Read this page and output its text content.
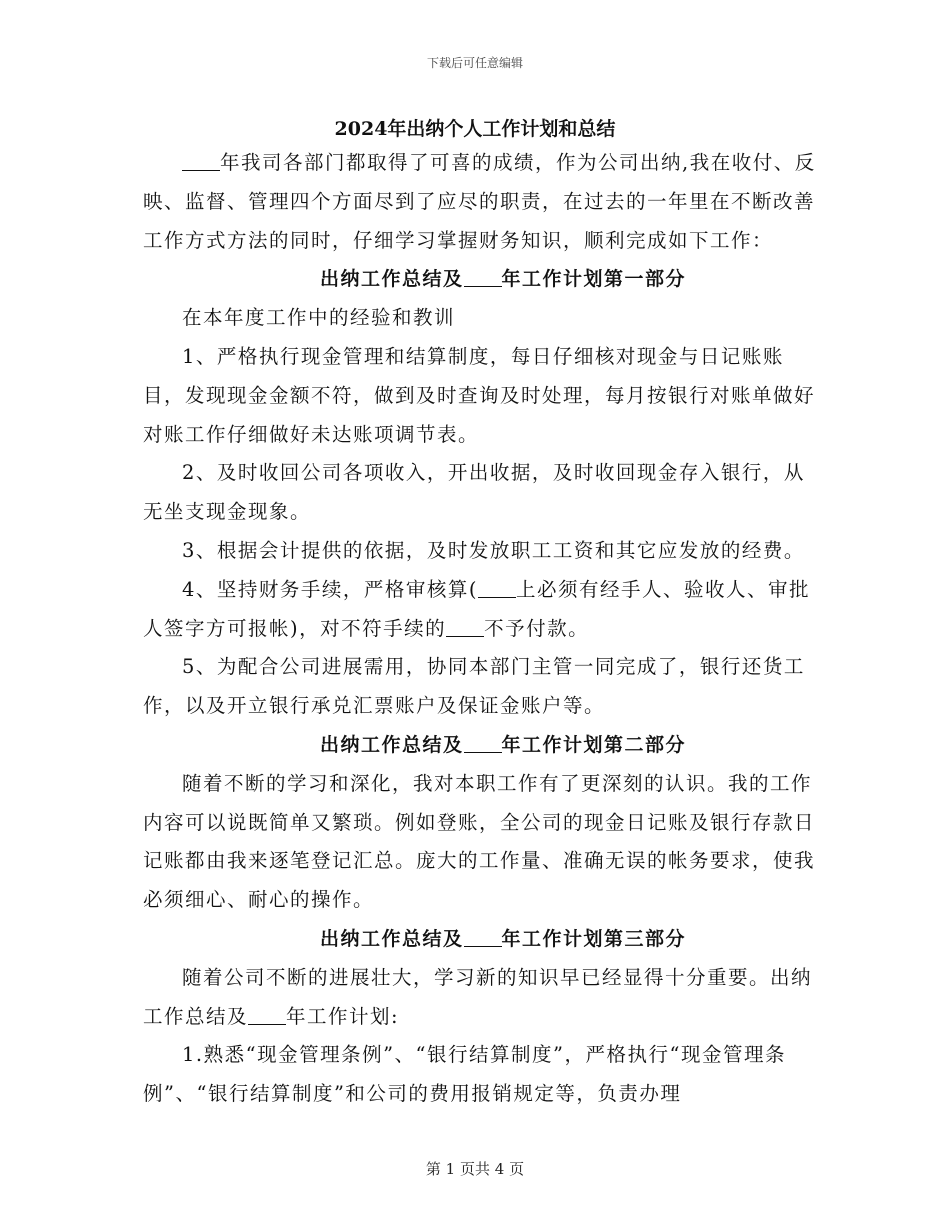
下载后可任意编辑
2024年出纳个人工作计划和总结

年我司各部门都取得了可喜的成绩，作为公司出纳,我在收付、反映、监督、管理四个方面尽到了应尽的职责，在过去的一年里在不断改善工作方式方法的同时，仔细学习掌握财务知识，顺利完成如下工作：

出纳工作总结及 年工作计划第一部分

在本年度工作中的经验和教训

1、严格执行现金管理和结算制度，每日仔细核对现金与日记账账目，发现现金金额不符，做到及时查询及时处理，每月按银行对账单做好对账工作仔细做好未达账项调节表。

2、及时收回公司各项收入，开出收据，及时收回现金存入银行，从无坐支现金现象。

3、根据会计提供的依据，及时发放职工工资和其它应发放的经费。

4、坚持财务手续，严格审核算( 上必须有经手人、验收人、审批人签字方可报帐)，对不符手续的 不予付款。

5、为配合公司进展需用，协同本部门主管一同完成了，银行还货工作，以及开立银行承兑汇票账户及保证金账户等。

出纳工作总结及 年工作计划第二部分

随着不断的学习和深化，我对本职工作有了更深刻的认识。我的工作内容可以说既简单又繁琐。例如登账，全公司的现金日记账及银行存款日记账都由我来逐笔登记汇总。庞大的工作量、准确无误的帐务要求，使我必须细心、耐心的操作。

出纳工作总结及 年工作计划第三部分

随着公司不断的进展壮大，学习新的知识早已经显得十分重要。出纳工作总结及 年工作计划:

1.熟悉“现金管理条例”、“银行结算制度”，严格执行“现金管理条例”、“银行结算制度”和公司的费用报销规定等，负责办理

第 1 页共 4 页
